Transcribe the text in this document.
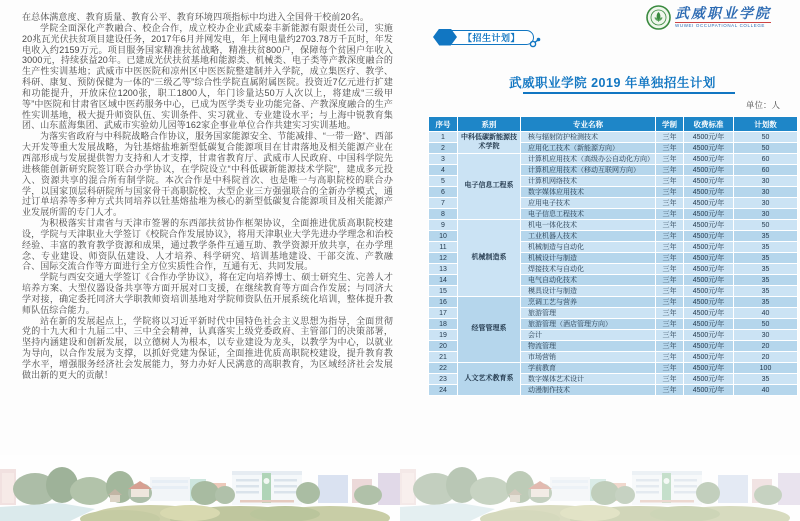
在总体满意度、教育质量、教育公平、教育环境四项指标中均进入全国骨干校前20名。

学院全面深化产教融合、校企合作，成立校办企业武威泰丰新能源有限责任公司，实施20兆瓦光伏扶贫项目建设任务，2017年6月并网发电，年上网电量约2703.78万千瓦时，年发电收入约2159万元。项目服务国家精准扶贫战略，精准扶贫800户，保障每个贫困户年收入3000元，持续获益20年。已建成光伏扶贫基地和能源类、机械类、电子类等产教深度融合的生产性实训基地；武威市中医医院和凉州区中医医院整建制并入学院，成立集医疗、教学、科研、康复、预防保健为一体的“三级乙等”综合性学院直属附属医院。投资近7亿元进行扩建和功能提升，开放床位1200张，职工1800人，年门诊量达50万人次以上，将建成“三级甲等”中医院和甘肃省区域中医药服务中心，已成为医学类专业功能完备、产教深度融合的生产性实训基地，极大提升师资队伍、实训条件、实习就业、专业建设水平；与上海中锐教育集团、山东蓝海集团、武威市实验幼儿园等162家企事业单位合作共建实习实训基地。

为落实省政府与中科院战略合作协议，服务国家能源安全、节能减排、“一带一路”、西部大开发等重大发展战略，为钍基熔盐堆新型低碳复合能源项目在甘肃落地及相关能源产业在西部形成与发展提供智力支持和人才支撑，甘肃省教育厅、武威市人民政府、中国科学院先进核能创新研究院签订联合办学协议，在学院设立“中科低碳新能源技术学院”，建成多元投入、资源共享的混合所有制学院。本次合作是中科院首次、也是唯一与高职院校的联合办学，以国家顶层科研院所与国家骨干高职院校、大型企业三方强强联合的全新办学模式，通过订单培养等多种方式共同培养以钍基熔盐堆为核心的新型低碳复合能源项目及相关能源产业发展所需的专门人才。

为积极落实甘肃省与天津市签署的东西部扶贫协作框架协议，全面推进优质高职院校建设，学院与天津职业大学签订《校院合作发展协议》，将用天津职业大学先进办学理念和治校经验、丰富的教育教学资源和成果，通过教学条件互通互助、教学资源开放共享，在办学理念、专业建设、师资队伍建设、人才培养、科学研究、培训基地建设、干部交流、产教融合、国际交流合作等方面进行全方位实质性合作，互通有无、共同发展。

学院与西安交通大学签订《合作办学协议》，将在定向培养博士、硕士研究生、完善人才培养方案、大型仪器设备共享等方面开展对口支援，在继续教育等方面合作发展；与同济大学对接，确定委托同济大学职教师资培训基地对学院师资队伍开展系统化培训，整体提升教师队伍综合能力。

站在新的发展起点上，学院将以习近平新时代中国特色社会主义思想为指导，全面贯彻党的十九大和十九届二中、三中全会精神，认真落实上级党委政府、主管部门的决策部署，坚持内涵建设和创新发展，以立德树人为根本，以专业建设为龙头，以教学为中心，以就业为导向，以合作发展为支撑，以抓好党建为保证，全面推进优质高职院校建设，提升教育教学水平，增强服务经济社会发展能力，努力办好人民满意的高职教育，为区域经济社会发展做出新的更大的贡献！

【招生计划】
武威职业学院
WUWEI OCCUPATIONAL COLLEGE
武威职业学院 2019 年单独招生计划
单位：人
序号	系别	专业名称	学制	收费标准	计划数
1	中科低碳新能源技术学院	核与辐射防护检测技术	三年	4500元/年	50
2		应用化工技术（新能源方向）	三年	4500元/年	50
3	电子信息工程系	计算机应用技术（高级办公自动化方向）	三年	4500元/年	60
4		计算机应用技术（移动互联网方向）	三年	4500元/年	60
5		计算机网络技术	三年	4500元/年	30
6		数字媒体应用技术	三年	4500元/年	30
7		应用电子技术	三年	4500元/年	30
8		电子信息工程技术	三年	4500元/年	30
9	机械制造系	机电一体化技术	三年	4500元/年	50
10		工业机器人技术	三年	4500元/年	35
11		机械制造与自动化	三年	4500元/年	35
12		机械设计与制造	三年	4500元/年	35
13		焊接技术与自动化	三年	4500元/年	35
14		电气自动化技术	三年	4500元/年	35
15		模具设计与制造	三年	4500元/年	35
16	经管管理系	烹调工艺与营养	三年	4500元/年	35
17		旅游管理	三年	4500元/年	40
18		旅游管理（酒店管理方向）	三年	4500元/年	50
19		会计	三年	4500元/年	30
20		物流管理	三年	4500元/年	20
21		市场营销	三年	4500元/年	20
22	人文艺术教育系	学前教育	三年	4500元/年	100
23		数字媒体艺术设计	三年	4500元/年	35
24		动漫制作技术	三年	4500元/年	40
